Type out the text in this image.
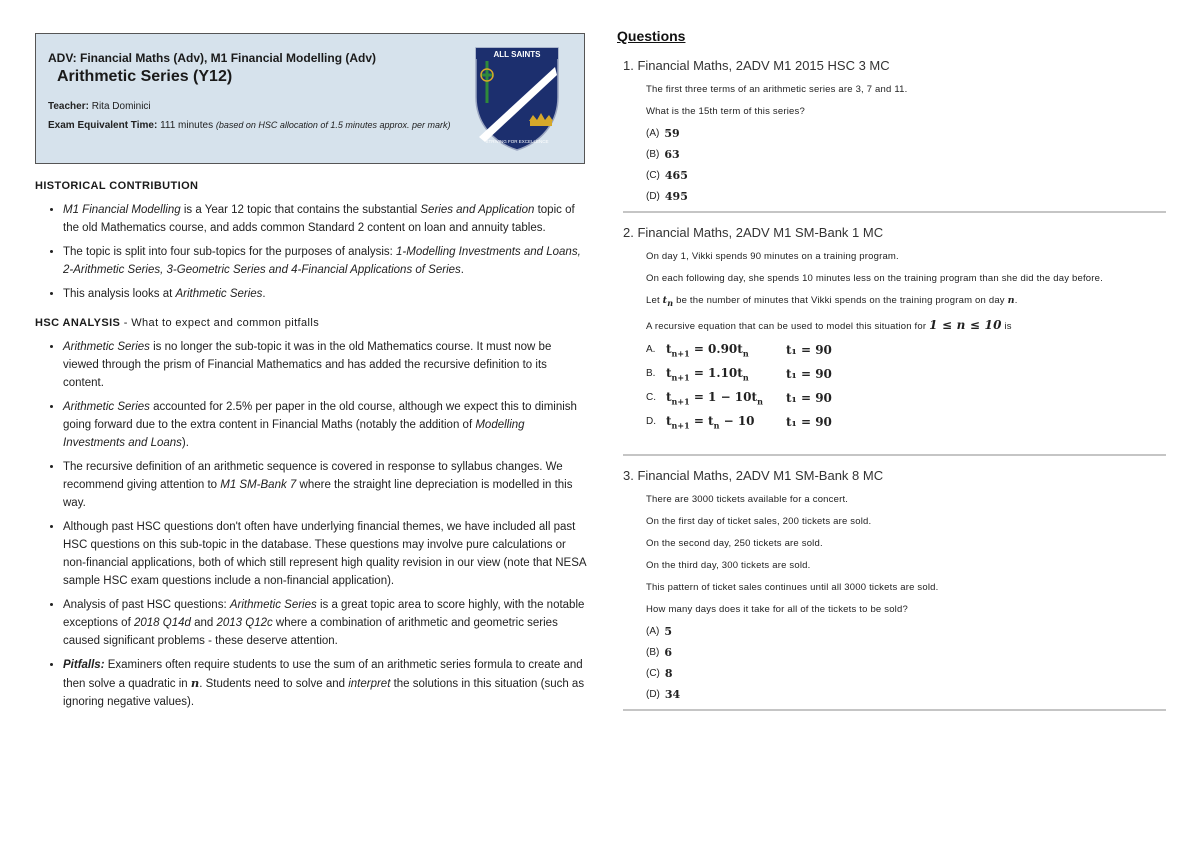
ADV: Financial Maths (Adv), M1 Financial Modelling (Adv)
Arithmetic Series (Y12)
Teacher: Rita Dominici
Exam Equivalent Time: 111 minutes (based on HSC allocation of 1.5 minutes approx. per mark)
ALL SAINTS
STRIVING FOR EXCELLENCE
HISTORICAL CONTRIBUTION
• M1 Financial Modelling is a Year 12 topic that contains the substantial Series and Application topic of the old Mathematics course, and adds common Standard 2 content on loan and annuity tables.
• The topic is split into four sub-topics for the purposes of analysis: 1-Modelling Investments and Loans, 2-Arithmetic Series, 3-Geometric Series and 4-Financial Applications of Series.
• This analysis looks at Arithmetic Series.
HSC ANALYSIS - What to expect and common pitfalls
• Arithmetic Series is no longer the sub-topic it was in the old Mathematics course. It must now be viewed through the prism of Financial Mathematics and has added the recursive definition to its content.
• Arithmetic Series accounted for 2.5% per paper in the old course, although we expect this to diminish going forward due to the extra content in Financial Maths (notably the addition of Modelling Investments and Loans).
• The recursive definition of an arithmetic sequence is covered in response to syllabus changes. We recommend giving attention to M1 SM-Bank 7 where the straight line depreciation is modelled in this way.
• Although past HSC questions don't often have underlying financial themes, we have included all past HSC questions on this sub-topic in the database. These questions may involve pure calculations or non-financial applications, both of which still represent high quality revision in our view (note that NESA sample HSC exam questions include a non-financial application).
• Analysis of past HSC questions: Arithmetic Series is a great topic area to score highly, with the notable exceptions of 2018 Q14d and 2013 Q12c where a combination of arithmetic and geometric series caused significant problems - these deserve attention.
• Pitfalls: Examiners often require students to use the sum of an arithmetic series formula to create and then solve a quadratic in n. Students need to solve and interpret the solutions in this situation (such as ignoring negative values).
Questions
1. Financial Maths, 2ADV M1 2015 HSC 3 MC
The first three terms of an arithmetic series are 3, 7 and 11.
What is the 15th term of this series?
(A) 59
(B) 63
(C) 465
(D) 495
2. Financial Maths, 2ADV M1 SM-Bank 1 MC
On day 1, Vikki spends 90 minutes on a training program.
On each following day, she spends 10 minutes less on the training program than she did the day before.
Let $t_n$ be the number of minutes that Vikki spends on the training program on day n.
A recursive equation that can be used to model this situation for 1 ≤ n ≤ 10 is
A. $t_{n+1} = 0.90t_n$	t₁ = 90
B. $t_{n+1} = 1.10t_n$	t₁ = 90
C. $t_{n+1} = 1 - 10t_n$	t₁ = 90
D. $t_{n+1} = t_n - 10$	t₁ = 90
3. Financial Maths, 2ADV M1 SM-Bank 8 MC
There are 3000 tickets available for a concert.
On the first day of ticket sales, 200 tickets are sold.
On the second day, 250 tickets are sold.
On the third day, 300 tickets are sold.
This pattern of ticket sales continues until all 3000 tickets are sold.
How many days does it take for all of the tickets to be sold?
(A) 5
(B) 6
(C) 8
(D) 34
